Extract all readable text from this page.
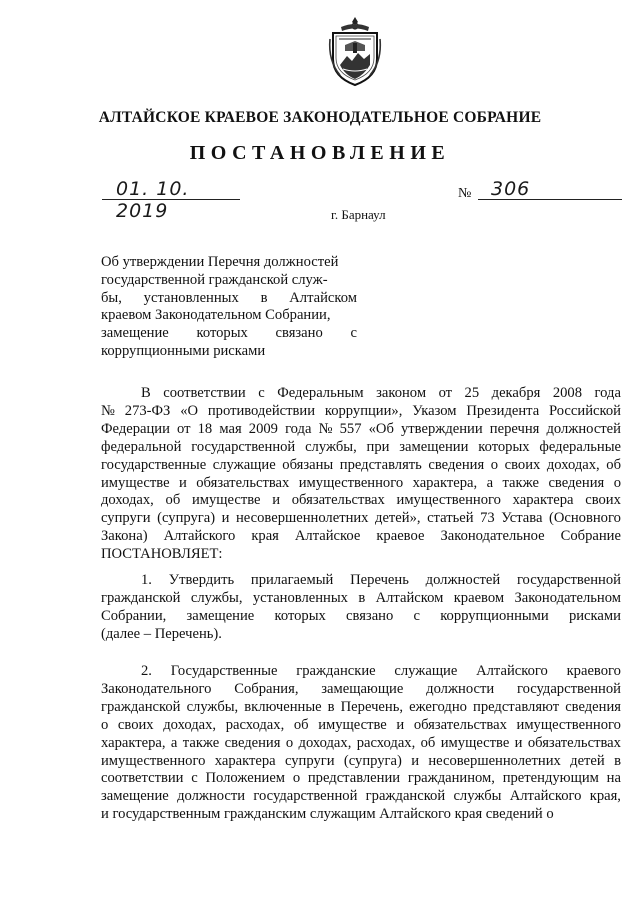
АЛТАЙСКОЕ КРАЕВОЕ ЗАКОНОДАТЕЛЬНОЕ СОБРАНИЕ
ПОСТАНОВЛЕНИЕ
01. 10. 2019
№ 306
г. Барнаул
Об утверждении Перечня должностей
государственной гражданской служ-
бы, установленных в Алтайском
краевом Законодательном Собрании,
замещение которых связано с
коррупционными рисками
В соответствии с Федеральным законом от 25 декабря 2008 года
№ 273-ФЗ «О противодействии коррупции», Указом Президента Российской
Федерации от 18 мая 2009 года № 557 «Об утверждении перечня должностей
федеральной государственной службы, при замещении которых федеральные
государственные служащие обязаны представлять сведения о своих доходах, об
имуществе и обязательствах имущественного характера, а также сведения о
доходах, об имуществе и обязательствах имущественного характера своих
супруги (супруга) и несовершеннолетних детей», статьей 73 Устава (Основного
Закона) Алтайского края Алтайское краевое Законодательное Собрание
ПОСТАНОВЛЯЕТ:
1. Утвердить прилагаемый Перечень должностей государственной
гражданской службы, установленных в Алтайском краевом Законодательном
Собрании, замещение которых связано с коррупционными рисками
(далее – Перечень).
2. Государственные гражданские служащие Алтайского краевого
Законодательного Собрания, замещающие должности государственной
гражданской службы, включенные в Перечень, ежегодно представляют сведения
о своих доходах, расходах, об имуществе и обязательствах имущественного
характера, а также сведения о доходах, расходах, об имуществе и обязательствах
имущественного характера супруги (супруга) и несовершеннолетних детей в
соответствии с Положением о представлении гражданином, претендующим на
замещение должности государственной гражданской службы Алтайского края,
и государственным гражданским служащим Алтайского края сведений о
